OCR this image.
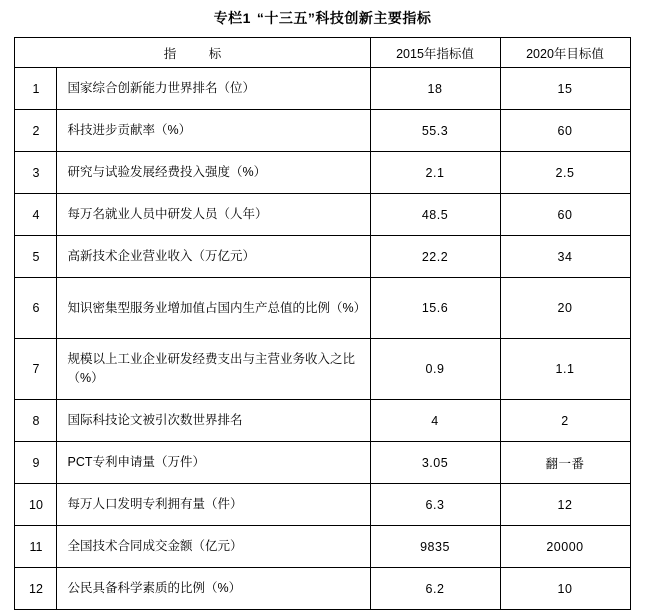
专栏1 “十三五”科技创新主要指标
指　标		2015年指标值	2020年目标值
1	国家综合创新能力世界排名（位）	18	15
2	科技进步贡献率（%）	55.3	60
3	研究与试验发展经费投入强度（%）	2.1	2.5
4	每万名就业人员中研发人员（人年）	48.5	60
5	高新技术企业营业收入（万亿元）	22.2	34
6	知识密集型服务业增加值占国内生产总值的比例（%）	15.6	20
7	规模以上工业企业研发经费支出与主营业务收入之比（%）	0.9	1.1
8	国际科技论文被引次数世界排名	4	2
9	PCT专利申请量（万件）	3.05	翻一番
10	每万人口发明专利拥有量（件）	6.3	12
11	全国技术合同成交金额（亿元）	9835	20000
12	公民具备科学素质的比例（%）	6.2	10
